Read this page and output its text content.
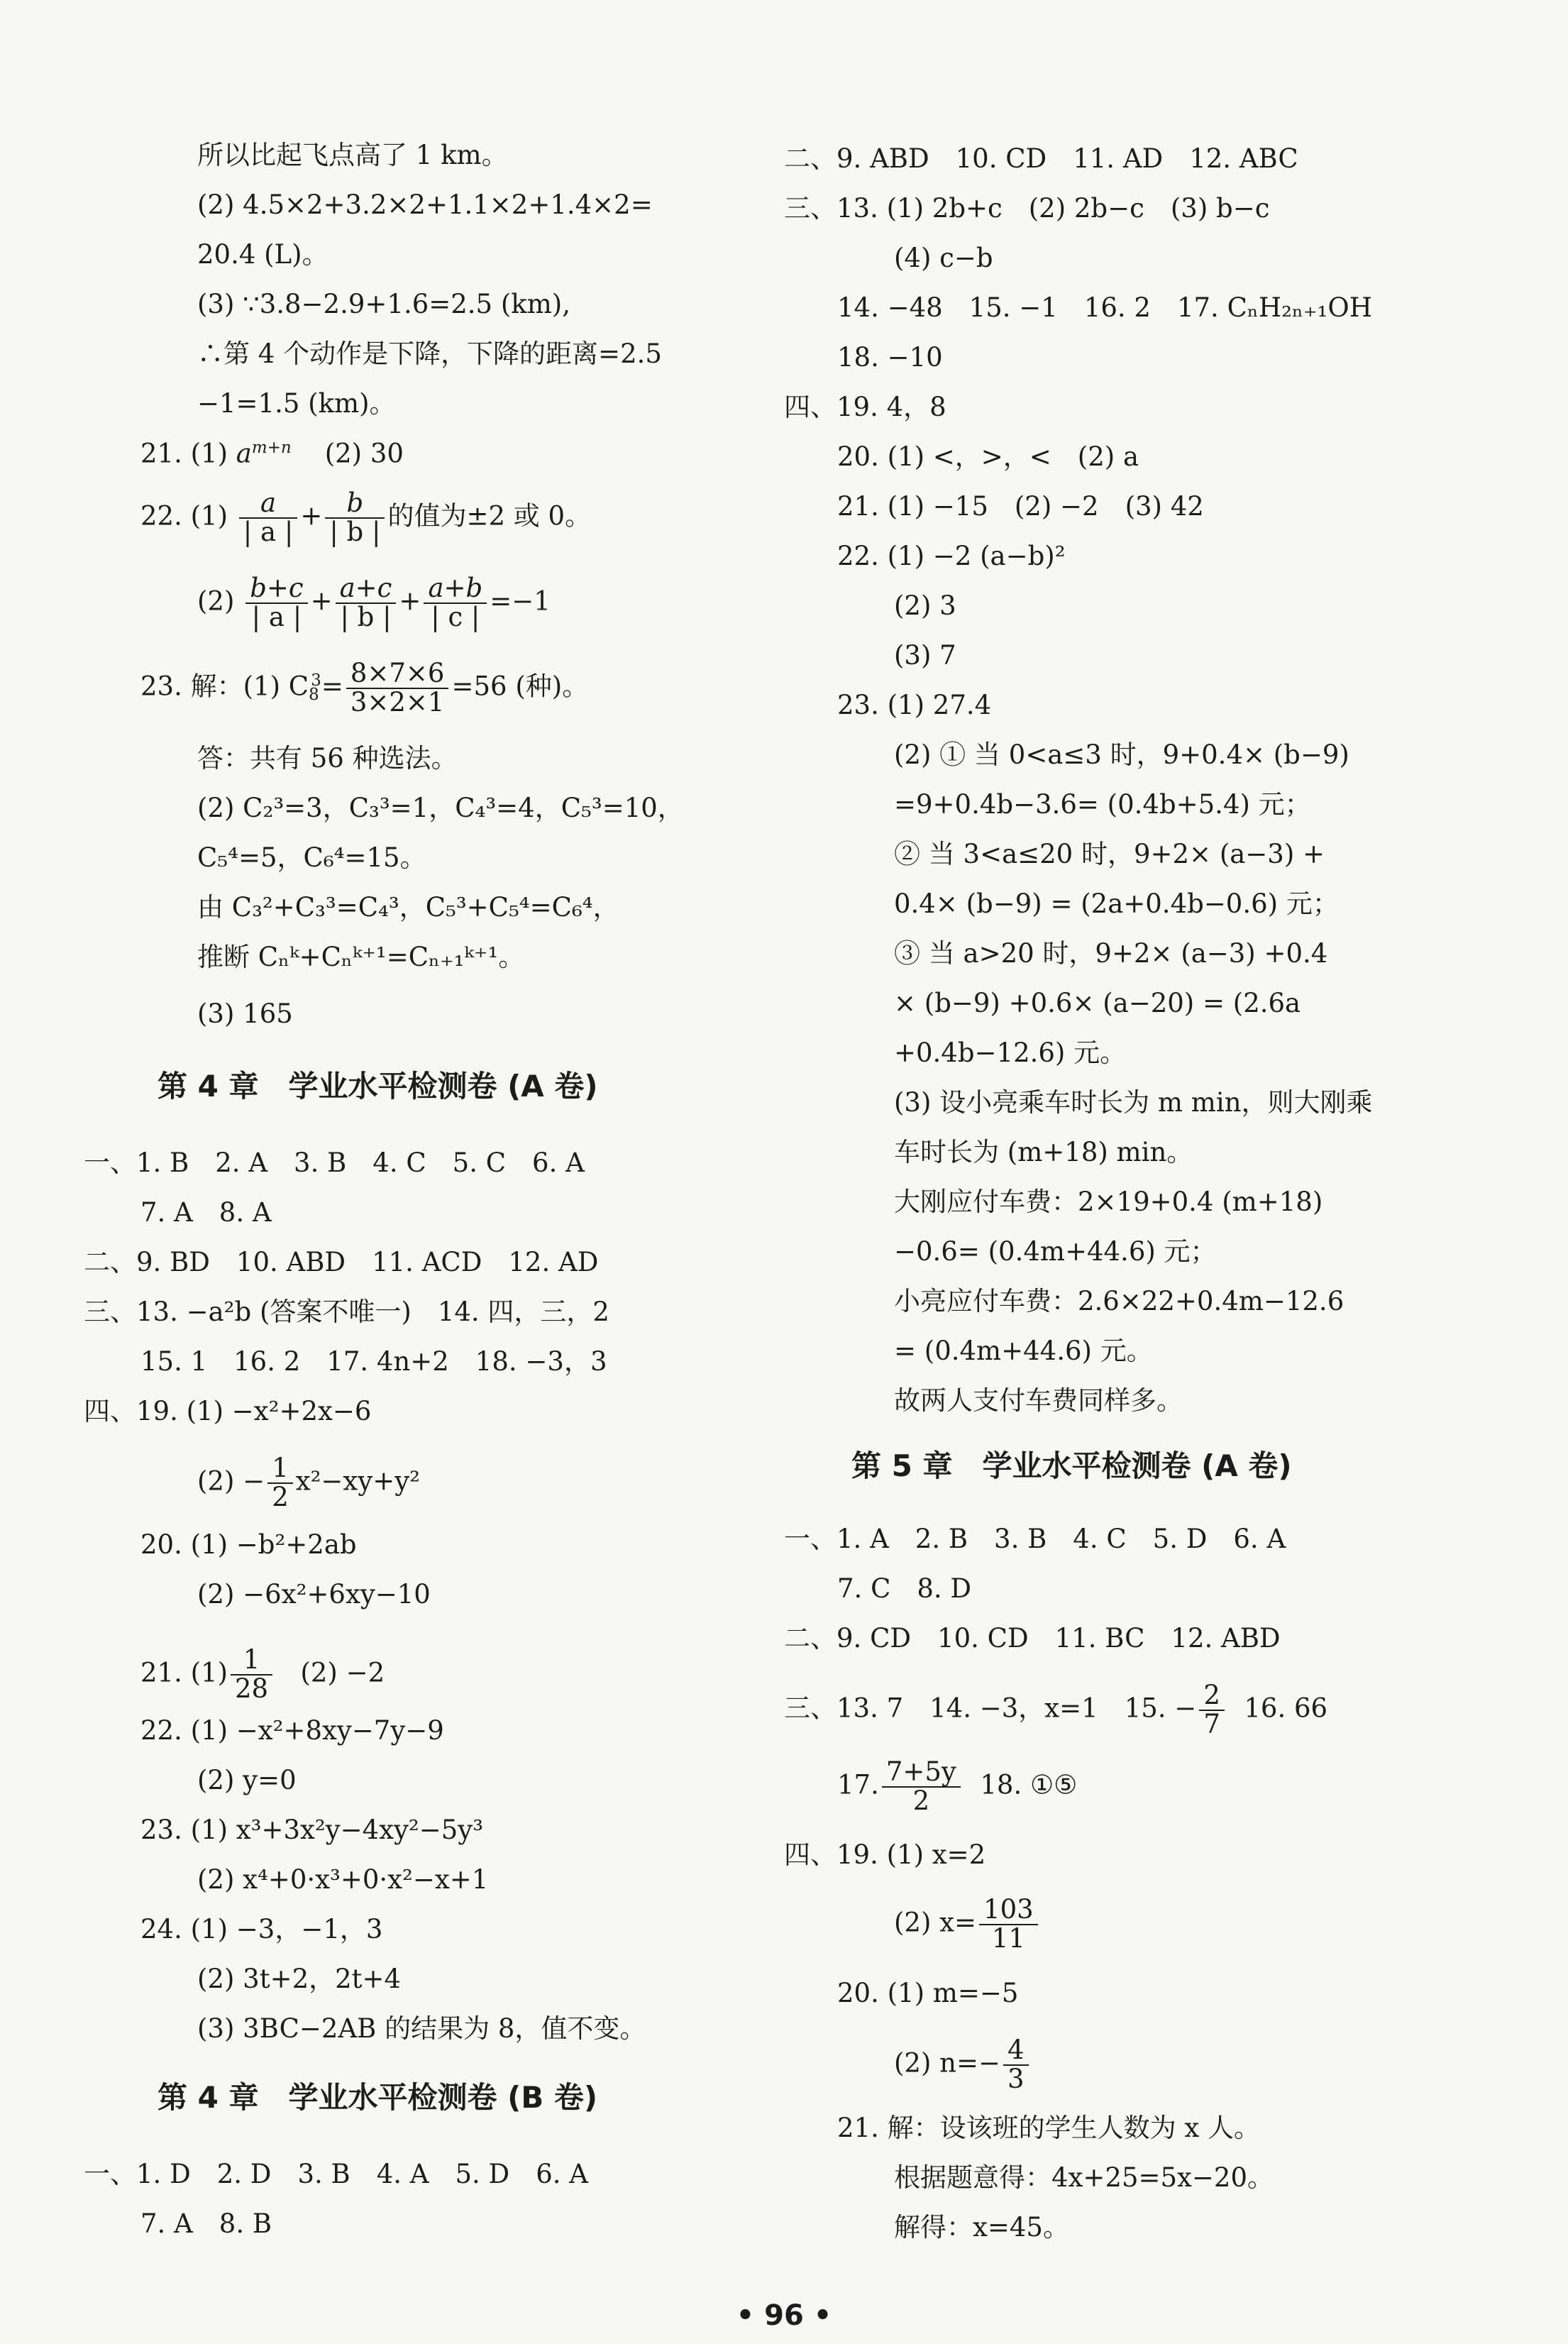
所以比起飞点高了 1 km。
(2) 4.5×2+3.2×2+1.1×2+1.4×2=
20.4 (L)。
(3) ∵3.8−2.9+1.6=2.5 (km),
∴第 4 个动作是下降，下降的距离=2.5
−1=1.5 (km)。
21. (1) $a^{m+n}$ (2) 30
22. $(1) \frac{a}{| a |} + \frac{b}{| b |}$ 的值为±2 或 0。
$(2) \frac{b+c}{| a |} + \frac{a+c}{| b |} + \frac{a+b}{| c |} =-1$
23. 解：(1) $C_8^3= \frac{8\times 7\times 6}{3\times 2\times 1} =56$ (种)。
答：共有 56 种选法。
(2) C₂³=3，C₃³=1，C₄³=4，C₅³=10，
C₅⁴=5，C₆⁴=15。
由 C₃²+C₃³=C₄³，C₅³+C₅⁴=C₆⁴，
推断 Cₙᵏ+Cₙᵏ⁺¹=Cₙ₊₁ᵏ⁺¹。
(3) 165
第 4 章　学业水平检测卷 (A 卷)
一、1. B　2. A　3. B　4. C　5. C　6. A
7. A　8. A
二、9. BD　10. ABD　11. ACD　12. AD
三、13. −a²b (答案不唯一)　14. 四，三，2
15. 1　16. 2　17. 4n+2　18. −3，3
四、19. (1) −x²+2x−6
$(2) - \frac{1}{2} x^2-xy+y^2$
20. (1) −b²+2ab
(2) −6x²+6xy−10
21. $(1) \frac{1}{28} (2) -2$
22. (1) −x²+8xy−7y−9
(2) y=0
23. (1) x³+3x²y−4xy²−5y³
(2) x⁴+0·x³+0·x²−x+1
24. (1) −3，−1，3
(2) 3t+2，2t+4
(3) 3BC−2AB 的结果为 8，值不变。
第 4 章　学业水平检测卷 (B 卷)
一、1. D　2. D　3. B　4. A　5. D　6. A
7. A　8. B
二、9. ABD　10. CD　11. AD　12. ABC
三、13. (1) 2b+c　(2) 2b−c　(3) b−c
(4) c−b
14. −48　15. −1　16. 2　17. CₙH₂ₙ₊₁OH
18. −10
四、19. 4，8
20. (1) <，>，<　(2) a
21. (1) −15　(2) −2　(3) 42
22. (1) −2 (a−b)²
(2) 3
(3) 7
23. (1) 27.4
(2) ① 当 0<a≤3 时，9+0.4× (b−9)
=9+0.4b−3.6= (0.4b+5.4) 元；
② 当 3<a≤20 时，9+2× (a−3) +
0.4× (b−9) = (2a+0.4b−0.6) 元；
③ 当 a>20 时，9+2× (a−3) +0.4
× (b−9) +0.6× (a−20) = (2.6a
+0.4b−12.6) 元。
(3) 设小亮乘车时长为 m min，则大刚乘
车时长为 (m+18) min。
大刚应付车费：2×19+0.4 (m+18)
−0.6= (0.4m+44.6) 元；
小亮应付车费：2.6×22+0.4m−12.6
= (0.4m+44.6) 元。
故两人支付车费同样多。
第 5 章　学业水平检测卷 (A 卷)
一、1. A　2. B　3. B　4. C　5. D　6. A
7. C　8. D
二、9. CD　10. CD　11. BC　12. ABD
三、13. 7　14. −3，x=1　15. − $\frac{2}{7} 16$. 66
17. $\frac{7+5y}{2} 18$. ①⑤
四、19. (1) x=2
(2) $x= \frac{103}{11}$
20. (1) m=−5
(2) $n=- \frac{4}{3}$
21. 解：设该班的学生人数为 x 人。
根据题意得：4x+25=5x−20。
解得：x=45。
• 96 •
